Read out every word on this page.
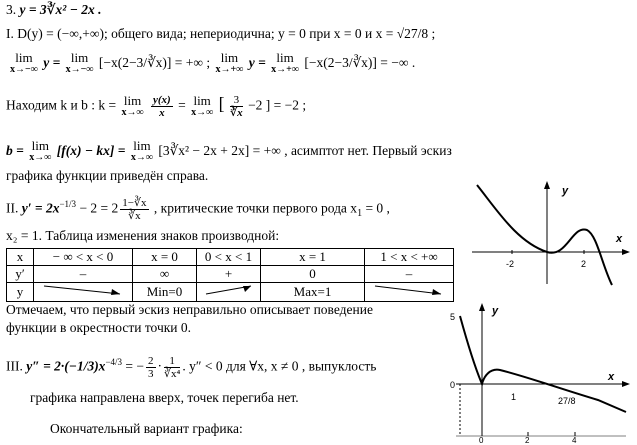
3. y = 3∛x² − 2x .
I. D(y) = (−∞,+∞); общего вида; непериодична; y = 0 при x = 0 и x = √27/8 ;
lim
x→−∞ y = lim
x→−∞ [−x(2−3/∛x)] = +∞ ; lim
x→+∞ y = lim
x→+∞ [−x(2−3/∛x)] = −∞ .
Находим k и b : k = lim
x→∞
$\frac{y(x)}{x} = \lim$
x→∞ [ $\frac{3}{∛x} -2$ ] = −2 ;
b = lim
x→∞ [f(x) − kx] = lim
x→∞ [3∛x² − 2x + 2x] = +∞ , асимптот нет. Первый эскиз
графика функции приведён справа.
II. $y' = 2x^{-1/3} - 2 = 2 \frac{1-∛x}{∛x}$ , критические точки первого рода $x_1 = 0$ ,
x₂ = 1. Таблица изменения знаков производной:
x	− ∞ < x < 0	x = 0	0 < x < 1	x = 1	1 < x < +∞
y′	–	∞	+	0	–
y		Min=0		Max=1	
Отмечаем, что первый эскиз неправильно описывает поведение
функции в окрестности точки 0.
III. $y'' = 2\cdot(-1/3)x^{-4/3}$ = − $\frac{2}{3} \cdot \frac{1}{\text{∛x⁴}}$ . y″ < 0 для ∀x, x ≠ 0 , выпуклость
графика направлена вверх, точек перегиба нет.
Окончательный вариант графика:
y
x
-2	2
y
x
5
0
1	27/8
0	2	4
